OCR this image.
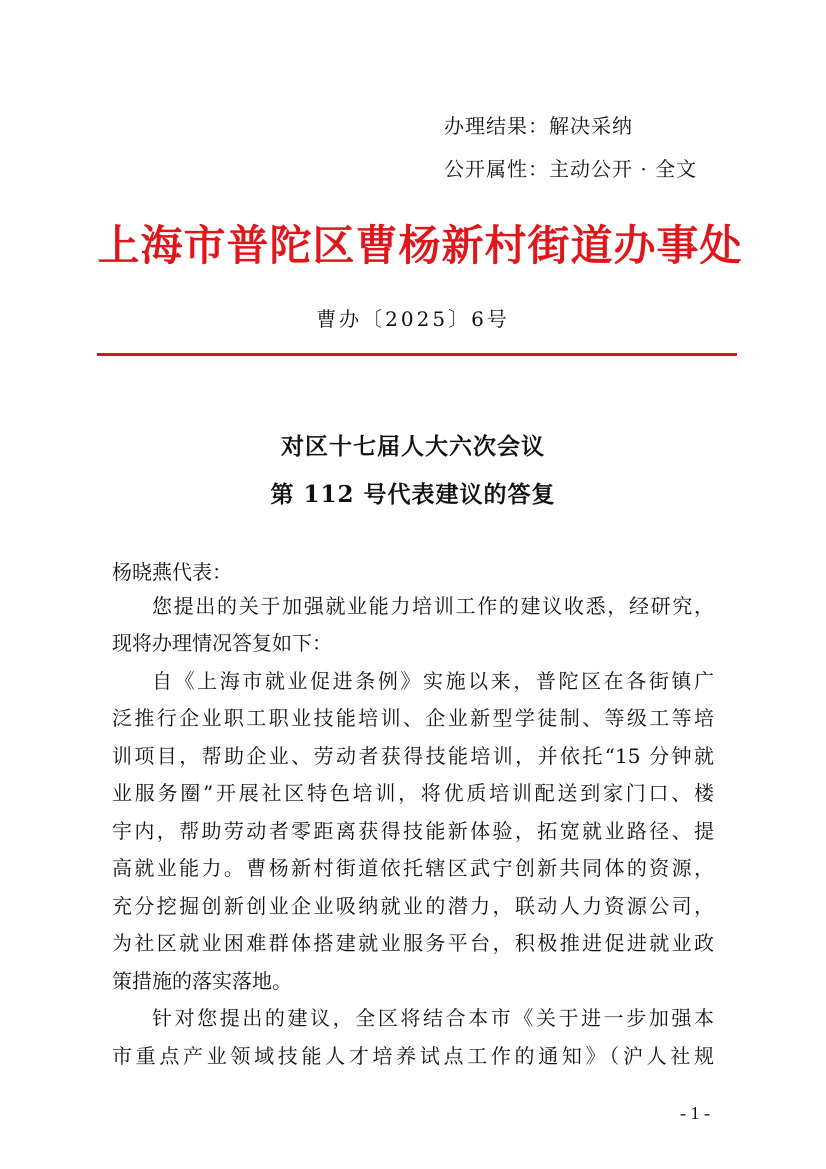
办理结果：解决采纳
公开属性：主动公开 · 全文
上海市普陀区曹杨新村街道办事处
曹办〔2025〕6号
对区十七届人大六次会议
第 112 号代表建议的答复
杨晓燕代表：
您提出的关于加强就业能力培训工作的建议收悉，经研究，
现将办理情况答复如下：
自《上海市就业促进条例》实施以来，普陀区在各街镇广
泛推行企业职工职业技能培训、企业新型学徒制、等级工等培
训项目，帮助企业、劳动者获得技能培训，并依托“15 分钟就
业服务圈”开展社区特色培训，将优质培训配送到家门口、楼
宇内，帮助劳动者零距离获得技能新体验，拓宽就业路径、提
高就业能力。曹杨新村街道依托辖区武宁创新共同体的资源，
充分挖掘创新创业企业吸纳就业的潜力，联动人力资源公司，
为社区就业困难群体搭建就业服务平台，积极推进促进就业政
策措施的落实落地。
针对您提出的建议，全区将结合本市《关于进一步加强本
市重点产业领域技能人才培养试点工作的通知》（沪人社规
- 1 -
